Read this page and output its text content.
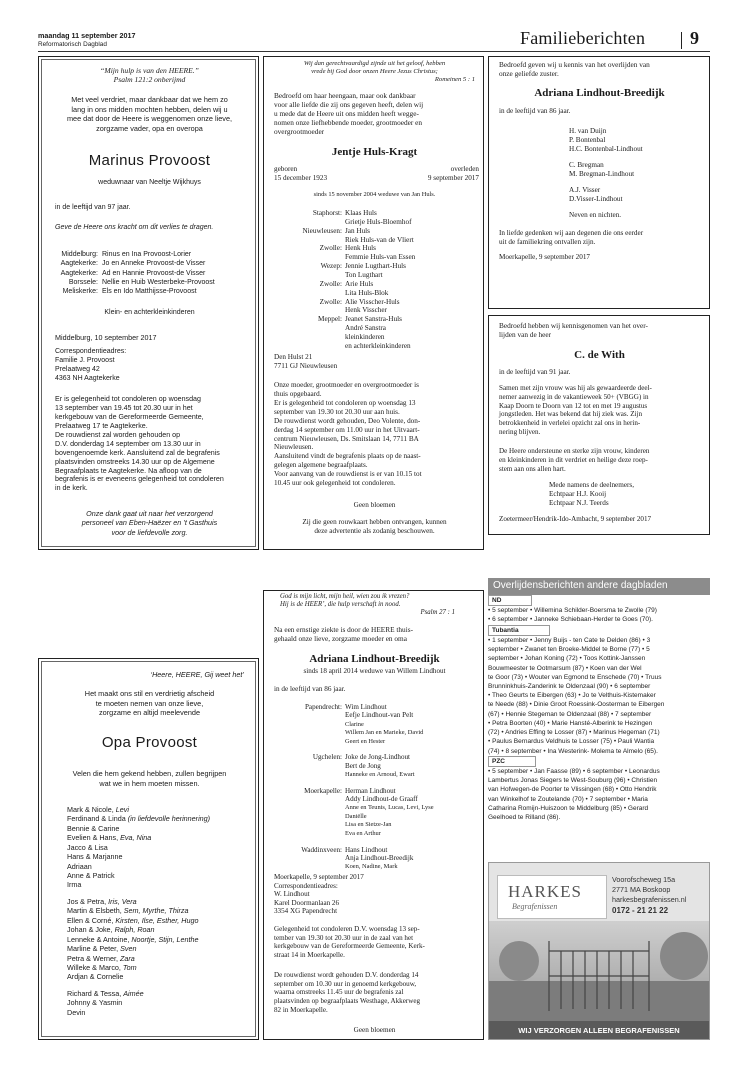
maandag 11 september 2017
Reformatorisch Dagblad	Familieberichten 9
“Mijn hulp is van den HEERE.”
Psalm 121:2 onberijmd
Met veel verdriet, maar dankbaar dat we hem zo
lang in ons midden mochten hebben, delen wij u
mee dat door de Heere is weggenomen onze lieve,
zorgzame vader, opa en overopa
Marinus Provoost
weduwnaar van Neeltje Wijkhuys
in de leeftijd van 97 jaar.
Geve de Heere ons kracht om dit verlies te dragen.
Middelburg: Rinus en Ina Provoost-Lorier
Aagtekerke: Jo en Anneke Provoost-de Visser
Aagtekerke: Ad en Hannie Provoost-de Visser
Borssele: Nellie en Huib Westerbeke-Provoost
Meliskerke: Els en Ido Matthijsse-Provoost
Klein- en achterkleinkinderen
Middelburg, 10 september 2017
Correspondentieadres:
Familie J. Provoost
Prelaatweg 42
4363 NH Aagtekerke
Er is gelegenheid tot condoleren op woensdag
13 september van 19.45 tot 20.30 uur in het
kerkgebouw van de Gereformeerde Gemeente,
Prelaatweg 17 te Aagtekerke.
De rouwdienst zal worden gehouden op
D.V. donderdag 14 september om 13.30 uur in
bovengenoemde kerk. Aansluitend zal de begrafenis
plaatsvinden omstreeks 14.30 uur op de Algemene
Begraafplaats te Aagtekerke. Na afloop van de
begrafenis is er eveneens gelegenheid tot condoleren
in de kerk.
Onze dank gaat uit naar het verzorgend
personeel van Eben-Haëzer en ’t Gasthuis
voor de liefdevolle zorg.
Wij dan gerechtvaardigd zijnde uit het geloof, hebben
vrede bij God door onzen Heere Jezus Christus;
Romeinen 5 : 1
Bedroefd om haar heengaan, maar ook dankbaar
voor alle liefde die zij ons gegeven heeft, delen wij
u mede dat de Heere uit ons midden heeft wegge-
nomen onze liefhebbende moeder, grootmoeder en
overgrootmoeder
Jentje Huls-Kragt
geboren	overleden
15 december 1923	9 september 2017
sinds 15 november 2004 weduwe van Jan Huls.
Staphorst: Klaas Huls
Grietje Huls-Bloemhof
Nieuwleusen: Jan Huls
Riek Huls-van de Vliert
Zwolle: Henk Huls
Femmie Huls-van Essen
Wezep: Jennie Lugthart-Huls
Ton Lugthart
Zwolle: Arie Huls
Lita Huls-Blok
Zwolle: Alie Visscher-Huls
Henk Visscher
Meppel: Jeanet Sanstra-Huls
André Sanstra
kleinkinderen
en achterkleinkinderen
Den Hulst 21
7711 GJ Nieuwleusen
Onze moeder, grootmoeder en overgrootmoeder is
thuis opgebaard.
Er is gelegenheid tot condoleren op woensdag 13
september van 19.30 tot 20.30 uur aan huis.
De rouwdienst wordt gehouden, Deo Volente, don-
derdag 14 september om 11.00 uur in het Uitvaart-
centrum Nieuwleusen, Ds. Smitslaan 14, 7711 BA
Nieuwleusen.
Aansluitend vindt de begrafenis plaats op de naast-
gelegen algemene begraafplaats.
Voor aanvang van de rouwdienst is er van 10.15 tot
10.45 uur ook gelegenheid tot condoleren.
Geen bloemen
Zij die geen rouwkaart hebben ontvangen, kunnen
deze advertentie als zodanig beschouwen.
Bedroefd geven wij u kennis van het overlijden van
onze geliefde zuster.
Adriana Lindhout-Breedijk
in de leeftijd van 86 jaar.
H. van Duijn
P. Bontenbal
H.C. Bontenbal-Lindhout
C. Bregman
M. Bregman-Lindhout
A.J. Visser
D.Visser-Lindhout
Neven en nichten.
In liefde gedenken wij aan degenen die ons eerder
uit de familiekring ontvallen zijn.
Moerkapelle, 9 september 2017
Bedroefd hebben wij kennisgenomen van het over-
lijden van de heer
C. de With
in de leeftijd van 91 jaar.
Samen met zijn vrouw was hij als gewaardeerde deel-
nemer aanwezig in de vakantieweek 50+ (VBGG) in
Kaap Doorn te Doorn van 12 tot en met 19 augustus
jongstleden. Het was bekend dat hij ziek was. Zijn
betrokkenheid in verleleі opzicht zal ons in herin-
nering blijven.
De Heere ondersteune en sterke zijn vrouw, kinderen
en kleinkinderen in dit verdriet en heilige deze roep-
stem aan ons allen hart.
Mede namens de deelnemers,
Echtpaar H.J. Kooij
Echtpaar N.J. Teerds
Zoetermeer/Hendrik-Ido-Ambacht, 9 september 2017
‘Heere, HEERE, Gij weet het’
Het maakt ons stil en verdrietig afscheid
te moeten nemen van onze lieve,
zorgzame en altijd meelevende
Opa Provoost
Velen die hem gekend hebben, zullen begrijpen
wat we in hem moeten missen.
Mark & Nicole, Levi
Ferdinand & Linda (in liefdevolle herinnering)
Bennie & Carine
Evelien & Hans, Eva, Nina
Jacco & Lisa
Hans & Marjanne
Adriaan
Anne & Patrick
Irma
Jos & Petra, Iris, Vera
Martin & Elsbeth, Sem, Myrthe, Thirza
Ellen & Corné, Kirsten, Ilse, Esther, Hugo
Johan & Joke, Ralph, Roan
Lenneke & Antoine, Noortje, Stijn, Lenthe
Marline & Peter, Sven
Petra & Werner, Zara
Willeke & Marco, Tom
Ardjan & Cornelie
Richard & Tessa, Aimée
Johnny & Yasmin
Devin
God is mijn licht, mijn heil, wien zou ik vrezen?
Hij is de HEER’, die hulp verschaft in nood.
Psalm 27 : 1
Na een ernstige ziekte is door de HEERE thuis-
gehaald onze lieve, zorgzame moeder en oma
Adriana Lindhout-Breedijk
sinds 18 april 2014 weduwe van Willem Lindhout
in de leeftijd van 86 jaar.
Papendrecht: Wim Lindhout
Eefje Lindhout-van Pelt
Clarine
Willem Jan en Marieke, David
Geert en Hester
Ugchelen: Joke de Jong-Lindhout
Bert de Jong
Hanneke en Arnoud, Ewart
Moerkapelle: Herman Lindhout
Addy Lindhout-de Graaff
Anne en Teunis, Lucas, Levi, Lyse
Daniëlle
Lisa en Sietze-Jan
Eva en Arthur
Waddinxveen: Hans Lindhout
Anja Lindhout-Breedijk
Koen, Nadine, Mark
Moerkapelle, 9 september 2017
Correspondentieadres:
W. Lindhout
Karel Doormanlaan 26
3354 XG Papendrecht
Gelegenheid tot condoleren D.V. woensdag 13 sep-
tember van 19.30 tot 20.30 uur in de zaal van het
kerkgebouw van de Gereformeerde Gemeente, Kerk-
straat 14 in Moerkapelle.
De rouwdienst wordt gehouden D.V. donderdag 14
september om 10.30 uur in genoemd kerkgebouw,
waarna omstreeks 11.45 uur de begrafenis zal
plaatsvinden op begraafplaats Westhage, Akkerweg
82 in Moerkapelle.
Geen bloemen
Overlijdensberichten andere dagbladen
ND
• 5 september • Willemina Schilder-Boersma te Zwolle (79)
• 6 september • Janneke Schiebaan-Herder te Goes (70).
Tubantia
• 1 september • Jenny Buijs - ten Cate te Delden (86) • 3
september • Zwanet ten Broeke-Middel te Borne (77) • 5
september • Johan Koning (72) • Toos Kottink-Janssen
Bouwmeester te Ootmarsum (87) • Koen van der Wel
te Goor (73) • Wouter van Egmond te Enschede (70) • Truus
Brunninkhuis-Zanderink te Oldenzaal (90) • 6 september
• Theo Geurts te Eibergen (63) • Jo te Velthuis-Kistemaker
te Neede (88) • Dinie Groot Roessink-Oosterman te Eibergen
(67) • Hennie Stegeman te Oldenzaal (88) • 7 september
• Petra Boorten (40) • Marie Hansté-Alberink te Hezingen
(72) • Andries Effing te Losser (87) • Marinus Hegeman (71)
• Paulus Bernardus Veldhuis te Losser (75) • Pauli Wantia
(74) • 8 september • Ina Westerink- Molema te Almelo (65).
PZC
• 5 september • Jan Faasse (89) • 6 september • Leonardus
Lambertus Jonas Siegers te West-Souburg (96) • Christien
van Hofwegen-de Poorter te Vlissingen (68) • Otto Hendrik
van Winkelhof te Zoutelande (70) • 7 september • Maria
Catharina Romijn-Huiszoon te Middelburg (85) • Gerard
Geelhoed te Rilland (86).
HARKES
Begrafenissen
Voorofscheweg 15a
2771 MA Boskoop
harkesbegrafenissen.nl
0172 - 21 21 22
WIJ VERZORGEN ALLEEN BEGRAFENISSEN
